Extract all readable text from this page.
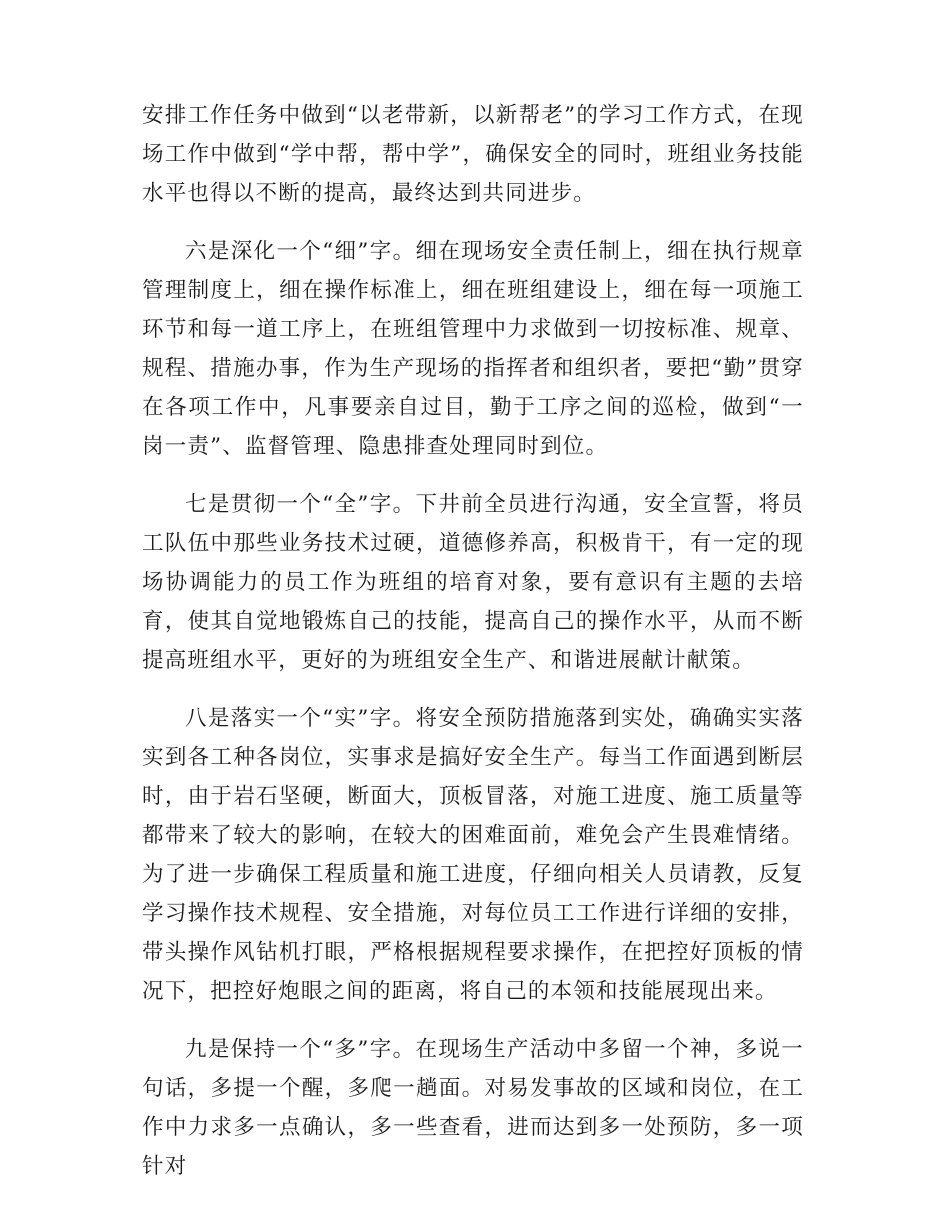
安排工作任务中做到“以老带新，以新帮老”的学习工作方式，在现场工作中做到“学中帮，帮中学”，确保安全的同时，班组业务技能水平也得以不断的提高，最终达到共同进步。

六是深化一个“细”字。细在现场安全责任制上，细在执行规章管理制度上，细在操作标准上，细在班组建设上，细在每一项施工环节和每一道工序上，在班组管理中力求做到一切按标准、规章、规程、措施办事，作为生产现场的指挥者和组织者，要把“勤”贯穿在各项工作中，凡事要亲自过目，勤于工序之间的巡检，做到“一岗一责”、监督管理、隐患排查处理同时到位。

七是贯彻一个“全”字。下井前全员进行沟通，安全宣誓，将员工队伍中那些业务技术过硬，道德修养高，积极肯干，有一定的现场协调能力的员工作为班组的培育对象，要有意识有主题的去培育，使其自觉地锻炼自己的技能，提高自己的操作水平，从而不断提高班组水平，更好的为班组安全生产、和谐进展献计献策。

八是落实一个“实”字。将安全预防措施落到实处，确确实实落实到各工种各岗位，实事求是搞好安全生产。每当工作面遇到断层时，由于岩石坚硬，断面大，顶板冒落，对施工进度、施工质量等都带来了较大的影响，在较大的困难面前，难免会产生畏难情绪。为了进一步确保工程质量和施工进度，仔细向相关人员请教，反复学习操作技术规程、安全措施，对每位员工工作进行详细的安排，带头操作风钻机打眼，严格根据规程要求操作，在把控好顶板的情况下，把控好炮眼之间的距离，将自己的本领和技能展现出来。

九是保持一个“多”字。在现场生产活动中多留一个神，多说一句话，多提一个醒，多爬一趟面。对易发事故的区域和岗位，在工作中力求多一点确认，多一些查看，进而达到多一处预防，多一项针对
